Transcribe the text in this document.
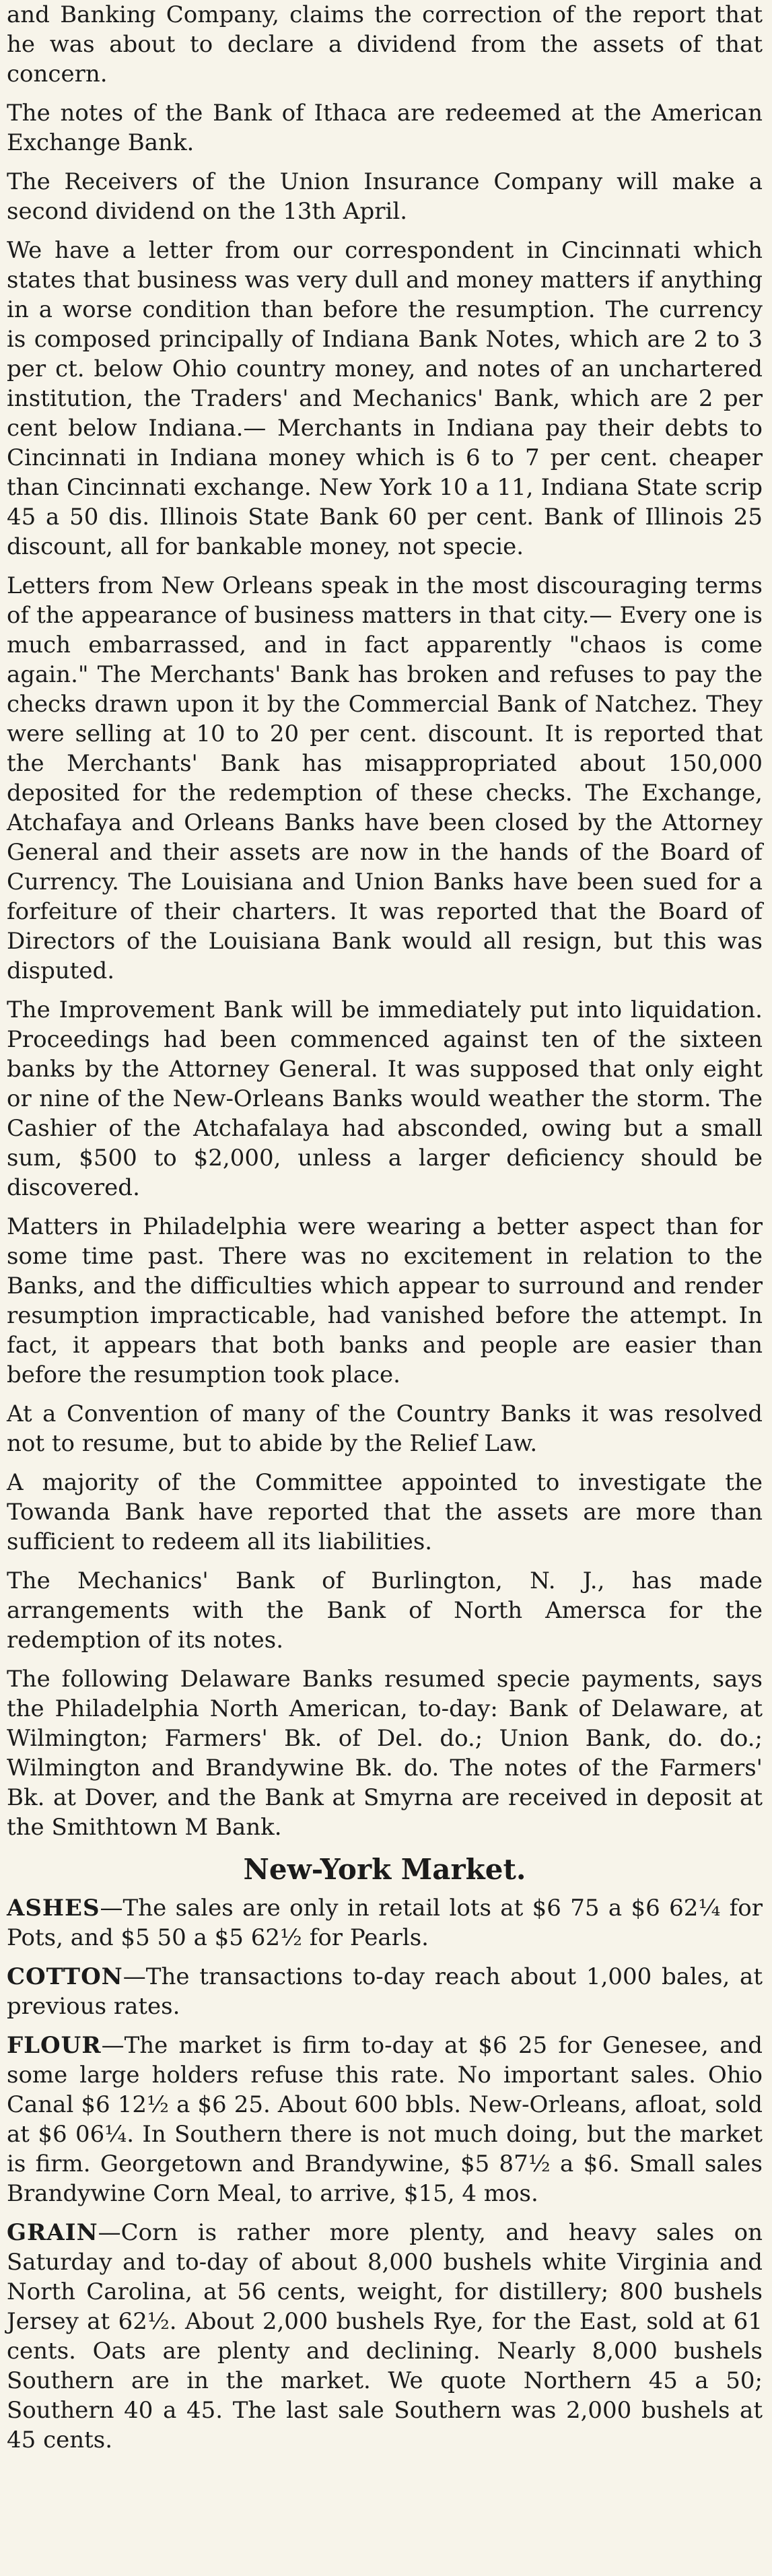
and Banking Company, claims the correction of the report that he was about to declare a dividend from the assets of that concern.

The notes of the Bank of Ithaca are redeemed at the American Exchange Bank.

The Receivers of the Union Insurance Company will make a second dividend on the 13th April.

We have a letter from our correspondent in Cincinnati which states that business was very dull and money matters if anything in a worse condition than before the resumption. The currency is composed principally of Indiana Bank Notes, which are 2 to 3 per ct. below Ohio country money, and notes of an unchartered institution, the Traders' and Mechanics' Bank, which are 2 per cent below Indiana.— Merchants in Indiana pay their debts to Cincinnati in Indiana money which is 6 to 7 per cent. cheaper than Cincinnati exchange. New York 10 a 11, Indiana State scrip 45 a 50 dis. Illinois State Bank 60 per cent. Bank of Illinois 25 discount, all for bankable money, not specie.

Letters from New Orleans speak in the most discouraging terms of the appearance of business matters in that city.— Every one is much embarrassed, and in fact apparently "chaos is come again." The Merchants' Bank has broken and refuses to pay the checks drawn upon it by the Commercial Bank of Natchez. They were selling at 10 to 20 per cent. discount. It is reported that the Merchants' Bank has misappropriated about 150,000 deposited for the redemption of these checks. The Exchange, Atchafaya and Orleans Banks have been closed by the Attorney General and their assets are now in the hands of the Board of Currency. The Louisiana and Union Banks have been sued for a forfeiture of their charters. It was reported that the Board of Directors of the Louisiana Bank would all resign, but this was disputed.

The Improvement Bank will be immediately put into liquidation. Proceedings had been commenced against ten of the sixteen banks by the Attorney General. It was supposed that only eight or nine of the New-Orleans Banks would weather the storm. The Cashier of the Atchafalaya had absconded, owing but a small sum, $500 to $2,000, unless a larger deficiency should be discovered.

Matters in Philadelphia were wearing a better aspect than for some time past. There was no excitement in relation to the Banks, and the difficulties which appear to surround and render resumption impracticable, had vanished before the attempt. In fact, it appears that both banks and people are easier than before the resumption took place.

At a Convention of many of the Country Banks it was resolved not to resume, but to abide by the Relief Law.

A majority of the Committee appointed to investigate the Towanda Bank have reported that the assets are more than sufficient to redeem all its liabilities.

The Mechanics' Bank of Burlington, N. J., has made arrangements with the Bank of North Amersca for the redemption of its notes.

The following Delaware Banks resumed specie payments, says the Philadelphia North American, to-day: Bank of Delaware, at Wilmington; Farmers' Bk. of Del. do.; Union Bank, do. do.; Wilmington and Brandywine Bk. do. The notes of the Farmers' Bk. at Dover, and the Bank at Smyrna are received in deposit at the Smithtown M Bank.

New-York Market.

ASHES—The sales are only in retail lots at $6 75 a $6 62¼ for Pots, and $5 50 a $5 62½ for Pearls.

COTTON—The transactions to-day reach about 1,000 bales, at previous rates.

FLOUR—The market is firm to-day at $6 25 for Genesee, and some large holders refuse this rate. No important sales. Ohio Canal $6 12½ a $6 25. About 600 bbls. New-Orleans, afloat, sold at $6 06¼. In Southern there is not much doing, but the market is firm. Georgetown and Brandywine, $5 87½ a $6. Small sales Brandywine Corn Meal, to arrive, $15, 4 mos.

GRAIN—Corn is rather more plenty, and heavy sales on Saturday and to-day of about 8,000 bushels white Virginia and North Carolina, at 56 cents, weight, for distillery; 800 bushels Jersey at 62½. About 2,000 bushels Rye, for the East, sold at 61 cents. Oats are plenty and declining. Nearly 8,000 bushels Southern are in the market. We quote Northern 45 a 50; Southern 40 a 45. The last sale Southern was 2,000 bushels at 45 cents.
